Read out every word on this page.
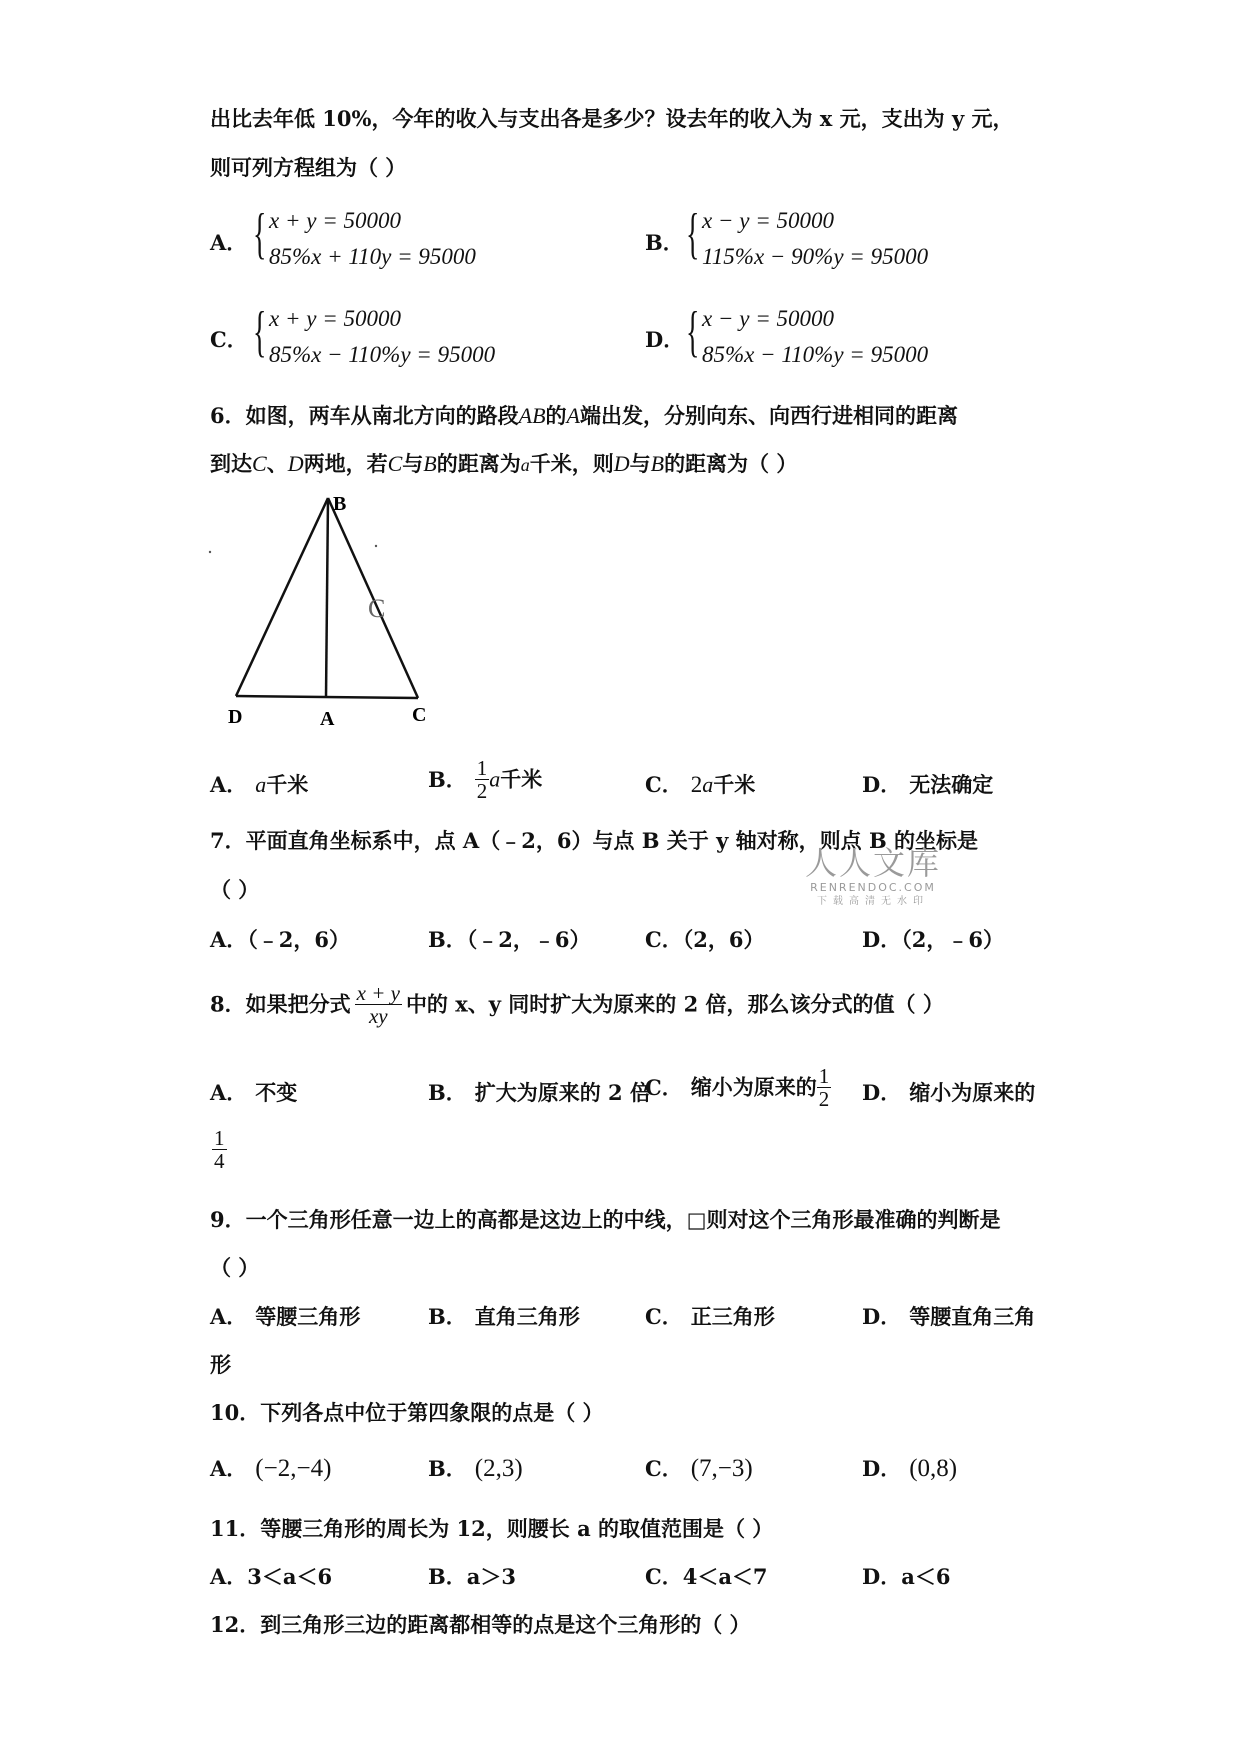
出比去年低 10%，今年的收入与支出各是多少？设去年的收入为 x 元，支出为 y 元，
则可列方程组为（ ）
A． { x + y = 50000
85%x + 110y = 95000
B． { x − y = 50000
115%x − 90%y = 95000
C． { x + y = 50000
85%x − 110%y = 95000
D． { x − y = 50000
85%x − 110%y = 95000
6．如图，两车从南北方向的路段AB的A端出发，分别向东、向西行进相同的距离
到达C、D两地，若C与B的距离为a千米，则D与B的距离为（ ）
B
C
D	A	C
A． a千米	B． $\frac{1}{2}$ a千米	C． 2a千米	D． 无法确定
7．平面直角坐标系中，点 A（﹣2，6）与点 B 关于 y 轴对称，则点 B 的坐标是
（ ）
A．（﹣2，6）	B．（﹣2，﹣6）	C．（2，6）	D．（2，﹣6）
人人文库
RENRENDOC.COM
下载高清无水印
8．如果把分式 $\frac{x + y}{xy}$ 中的 x、y 同时扩大为原来的 2 倍，那么该分式的值（ ）
A． 不变	B． 扩大为原来的 2 倍
C． 缩小为原来的 $\frac{1}{2}$ D． 缩小为原来的
$\frac{1}{4}$
9．一个三角形任意一边上的高都是这边上的中线，□则对这个三角形最准确的判断是
（ ）
A． 等腰三角形	B． 直角三角形	C． 正三角形	D． 等腰直角三角
形
10．下列各点中位于第四象限的点是（ ）
A． (−2,−4)	B． (2,3)	C． (7,−3)	D． (0,8)
11．等腰三角形的周长为 12，则腰长 a 的取值范围是（ ）
A．3＜a＜6	B．a＞3	C．4＜a＜7	D．a＜6
12．到三角形三边的距离都相等的点是这个三角形的（ ）
